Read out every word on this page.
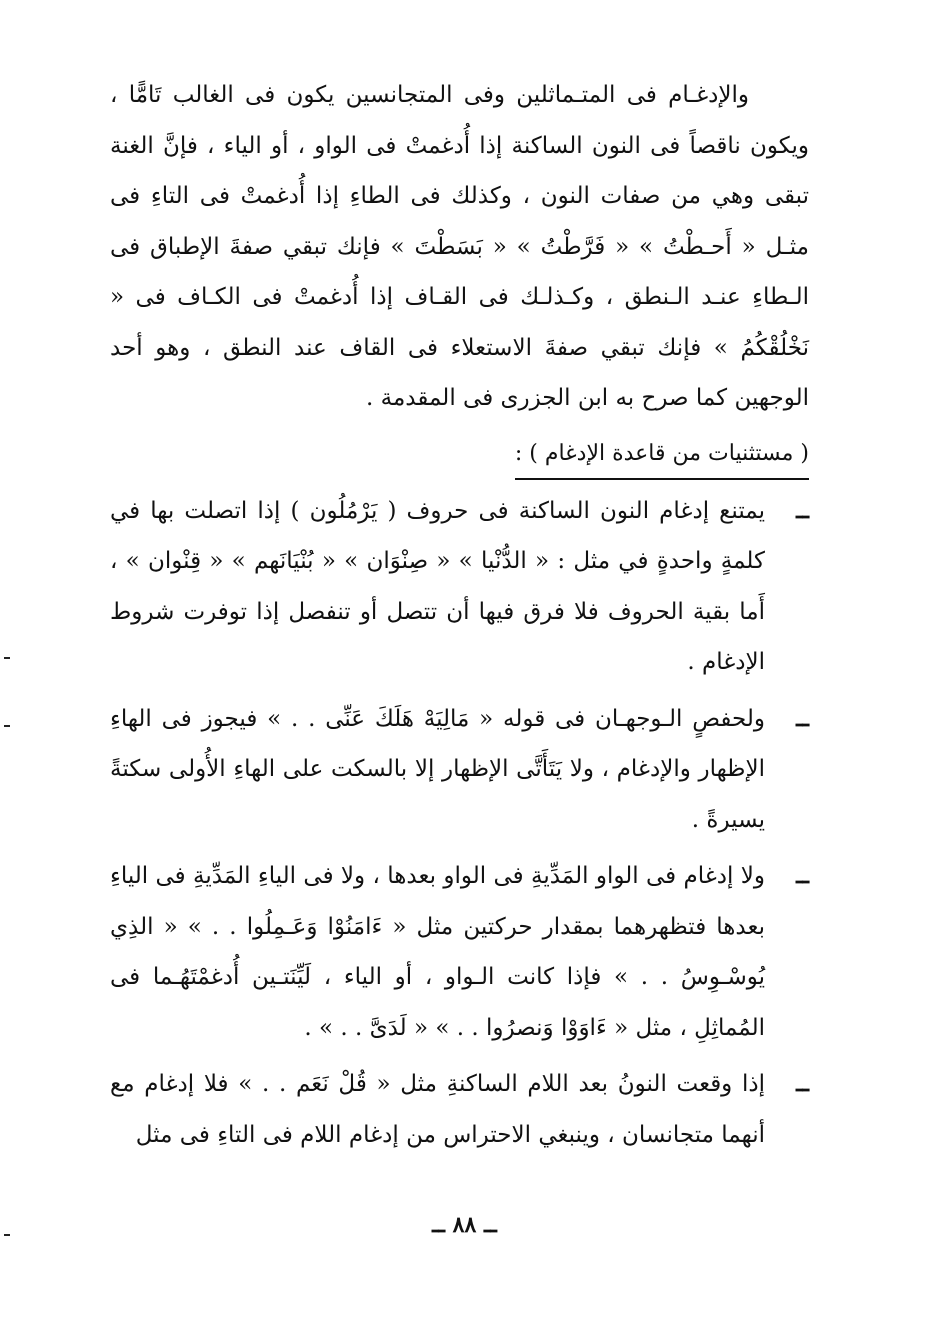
والإدغـام فى المتـماثلين وفى المتجانسين يكون فى الغالب تَامًّا ، ويكون ناقصاً فى النون الساكنة إذا أُدغمتْ فى الواو ، أو الياء ، فإنَّ الغنة تبقى وهي من صفات النون ، وكذلك فى الطاءِ إذا أُدغمتْ فى التاءِ فى مثـل « أَحـطْتُ » « فَرَّطْتُ » « بَسَطْتَ » فإنك تبقي صفةَ الإطباق فى الـطاءِ عنـد الـنطق ، وكـذلـك فى القـاف إذا أُدغمتْ فى الكـاف فى « نَخْلُقْكُمُ » فإنك تبقي صفةَ الاستعلاء فى القاف عند النطق ، وهو أحد الوجهين كما صرح به ابن الجزرى فى المقدمة .

( مستثنيات من قاعدة الإدغام ) :

ــ
يمتنع إدغام النون الساكنة فى حروف ( يَرْمُلُون ) إذا اتصلت بها في كلمةٍ واحدةٍ في مثل : « الدُّنْيا » « صِنْوَان » « بُنْيَانَهم » « قِنْوان » ، أَما بقية الحروف فلا فرق فيها أن تتصل أو تنفصل إذا توفرت شروط الإدغام .

ــ
ولحفصٍ الـوجهـان فى قوله « مَالِيَهْ هَلَكَ عَنِّى . . » فيجوز فى الهاءِ الإظهار والإدغام ، ولا يَتَأَتَّى الإظهار إلا بالسكت على الهاءِ الأُولى سكتةً يسيرةً .

ــ
ولا إدغام فى الواو المَدِّيةِ فى الواو بعدها ، ولا فى الياءِ المَدِّيةِ فى الياءِ بعدها فتظهرهما بمقدار حركتين مثل « ءَامَنُوْا وَعَـمِلُوا . . » « الذِي يُوسْـوِسُ . . » فإذا كانت الـواو ، أو الياء ، لَيِّنَتـين أُدغمْتَهُـما فى المُماثِلِ ، مثل « ءَاوَوْا وَنصرُوا . . » « لَدَىَّ . . » .

ــ
إذا وقعت النونُ بعد اللام الساكنةِ مثل « قُلْ نَعَم . . » فلا إدغام مع أنهما متجانسان ، وينبغي الاحتراس من إدغام اللام فى التاءِ فى مثل

ــ ٨٨ ــ
